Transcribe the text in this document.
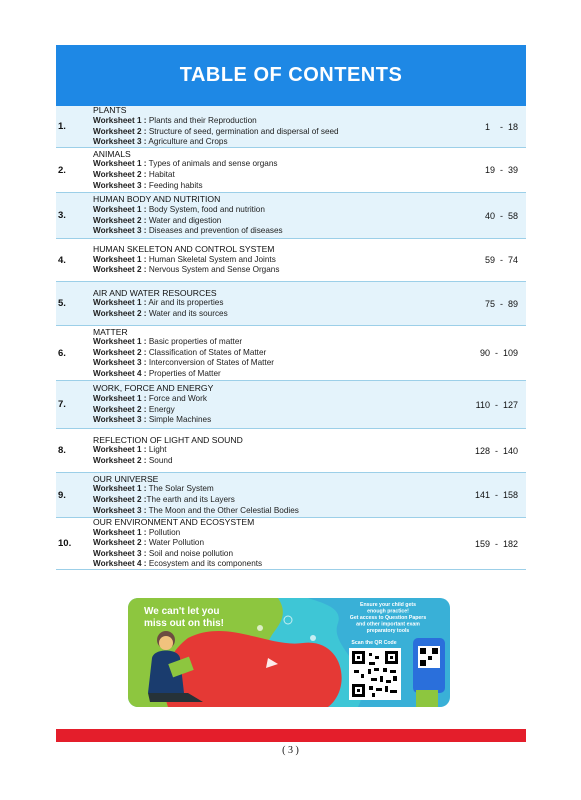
TABLE OF CONTENTS
1.
PLANTS
Worksheet 1 : Plants and their Reproduction
Worksheet 2 : Structure of seed, germination and dispersal of seed
Worksheet 3 : Agriculture and Crops
1    -  18
2.
ANIMALS
Worksheet 1 : Types of animals and sense organs
Worksheet 2 : Habitat
Worksheet 3 : Feeding habits
19  -  39
3.
HUMAN BODY AND NUTRITION
Worksheet 1 : Body System, food and nutrition
Worksheet 2 : Water and digestion
Worksheet 3 : Diseases and prevention of diseases
40  -  58
4.
HUMAN SKELETON AND CONTROL SYSTEM
Worksheet 1 : Human Skeletal System and Joints
Worksheet 2 : Nervous System and Sense Organs
59  -  74
5.
AIR AND WATER RESOURCES
Worksheet 1 : Air and its properties
Worksheet 2 : Water and its sources
75  -  89
6.
MATTER
Worksheet 1 : Basic properties of matter
Worksheet 2 : Classification of States of Matter
Worksheet 3 : Interconversion of States of Matter
Worksheet 4 : Properties of Matter
90  -  109
7.
WORK, FORCE AND ENERGY
Worksheet 1 : Force and Work
Worksheet 2 : Energy
Worksheet 3 : Simple Machines
110  -  127
8.
REFLECTION OF LIGHT AND SOUND
Worksheet 1 : Light
Worksheet 2 : Sound
128  -  140
9.
OUR UNIVERSE
Worksheet 1 : The Solar System
Worksheet 2 :The earth and its Layers
Worksheet 3 : The Moon and the Other Celestial Bodies
141  -  158
10.
OUR ENVIRONMENT AND ECOSYSTEM
Worksheet 1 : Pollution
Worksheet 2 : Water Pollution
Worksheet 3 : Soil and noise pollution
Worksheet 4 : Ecosystem and its components
159  -  182
We can't let you
miss out on this!
Ensure your child gets
enough practice!
Get access to Question Papers
and other important exam
preparatory tools
Scan the QR Code
( 3 )
